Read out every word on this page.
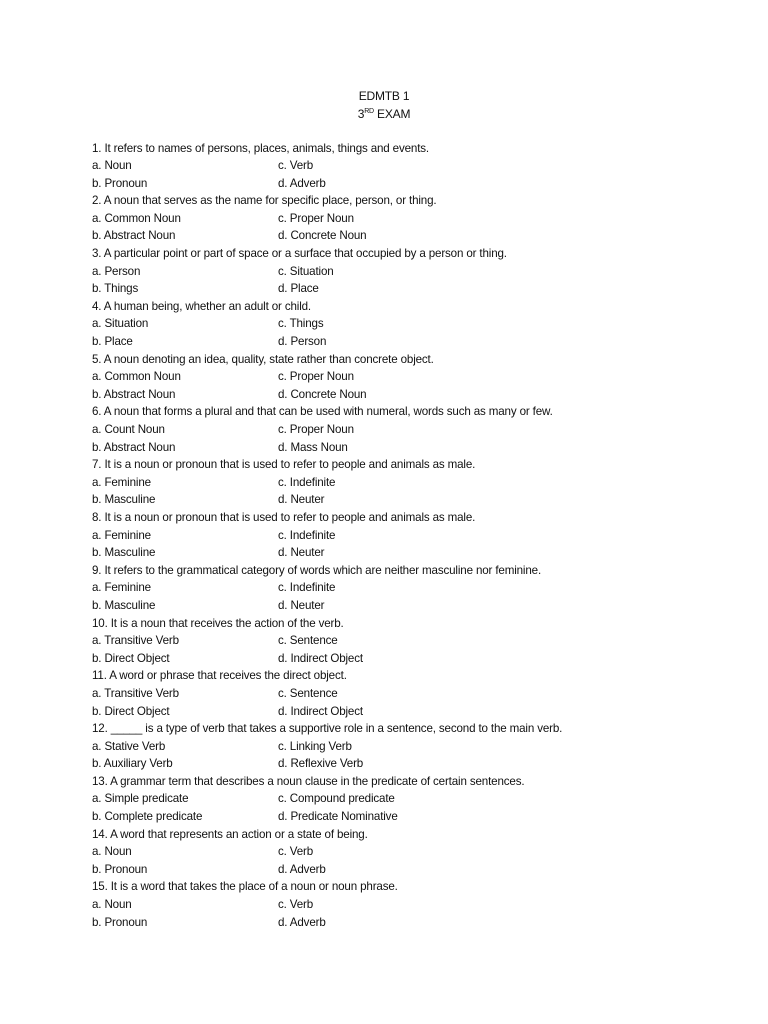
EDMTB 1
3RD EXAM
1. It refers to names of persons, places, animals, things and events.
a. Noun	c. Verb
b. Pronoun	d. Adverb
2. A noun that serves as the name for specific place, person, or thing.
a. Common Noun	c. Proper Noun
b. Abstract Noun	d. Concrete Noun
3. A particular point or part of space or a surface that occupied by a person or thing.
a. Person	c. Situation
b. Things	d. Place
4. A human being, whether an adult or child.
a. Situation	c. Things
b. Place	d. Person
5. A noun denoting an idea, quality, state rather than concrete object.
a. Common Noun	c. Proper Noun
b. Abstract Noun	d. Concrete Noun
6. A noun that forms a plural and that can be used with numeral, words such as many or few.
a. Count Noun	c. Proper Noun
b. Abstract Noun	d. Mass Noun
7. It is a noun or pronoun that is used to refer to people and animals as male.
a. Feminine	c. Indefinite
b. Masculine	d. Neuter
8. It is a noun or pronoun that is used to refer to people and animals as male.
a. Feminine	c. Indefinite
b. Masculine	d. Neuter
9. It refers to the grammatical category of words which are neither masculine nor feminine.
a. Feminine	c. Indefinite
b. Masculine	d. Neuter
10. It is a noun that receives the action of the verb.
a. Transitive Verb	c. Sentence
b. Direct Object	d. Indirect Object
11. A word or phrase that receives the direct object.
a. Transitive Verb	c. Sentence
b. Direct Object	d. Indirect Object
12. _____ is a type of verb that takes a supportive role in a sentence, second to the main verb.
a. Stative Verb	c. Linking Verb
b. Auxiliary Verb	d. Reflexive Verb
13. A grammar term that describes a noun clause in the predicate of certain sentences.
a. Simple predicate	c. Compound predicate
b. Complete predicate	d. Predicate Nominative
14. A word that represents an action or a state of being.
a. Noun	c. Verb
b. Pronoun	d. Adverb
15. It is a word that takes the place of a noun or noun phrase.
a. Noun	c. Verb
b. Pronoun	d. Adverb
